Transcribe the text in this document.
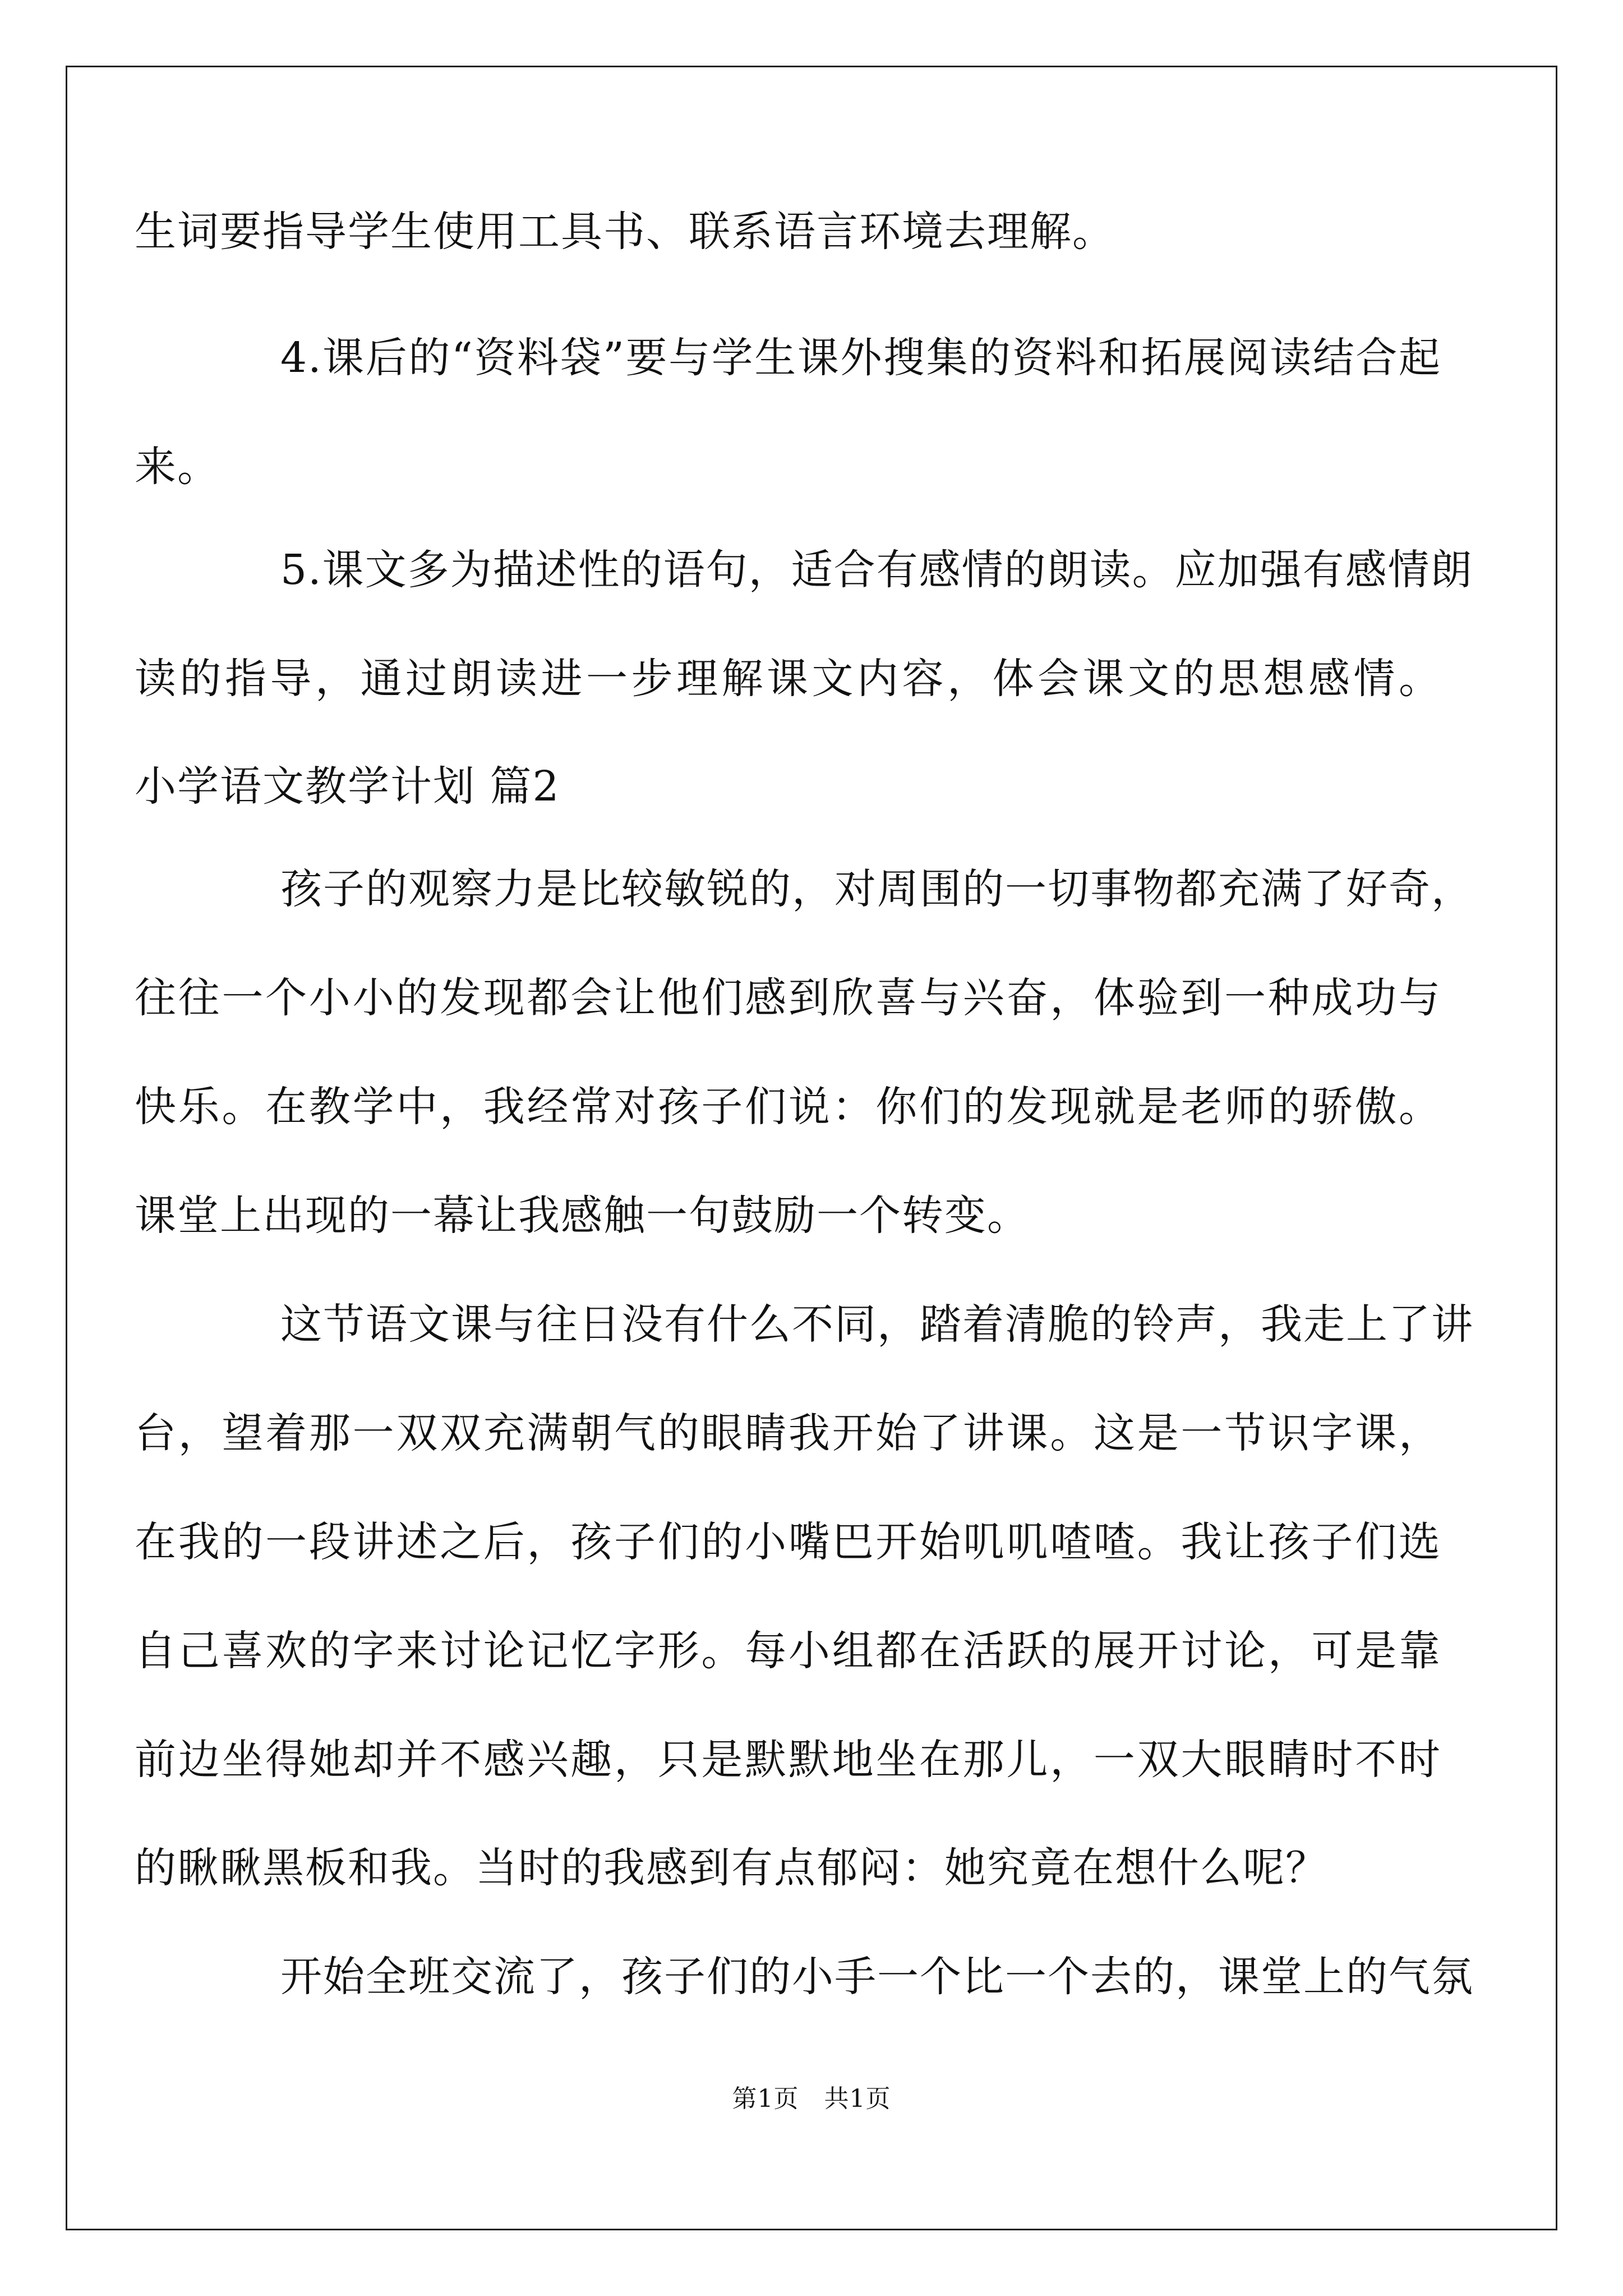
生词要指导学生使用工具书、联系语言环境去理解。
4.课后的“资料袋”要与学生课外搜集的资料和拓展阅读结合起
来。
5.课文多为描述性的语句，适合有感情的朗读。应加强有感情朗
读的指导，通过朗读进一步理解课文内容，体会课文的思想感情。
小学语文教学计划 篇2
孩子的观察力是比较敏锐的，对周围的一切事物都充满了好奇，
往往一个小小的发现都会让他们感到欣喜与兴奋，体验到一种成功与
快乐。在教学中，我经常对孩子们说：你们的发现就是老师的骄傲。
课堂上出现的一幕让我感触一句鼓励一个转变。
这节语文课与往日没有什么不同，踏着清脆的铃声，我走上了讲
台，望着那一双双充满朝气的眼睛我开始了讲课。这是一节识字课，
在我的一段讲述之后，孩子们的小嘴巴开始叽叽喳喳。我让孩子们选
自己喜欢的字来讨论记忆字形。每小组都在活跃的展开讨论，可是靠
前边坐得她却并不感兴趣，只是默默地坐在那儿，一双大眼睛时不时
的瞅瞅黑板和我。当时的我感到有点郁闷：她究竟在想什么呢？
开始全班交流了，孩子们的小手一个比一个去的，课堂上的气氛
第1页　共1页
